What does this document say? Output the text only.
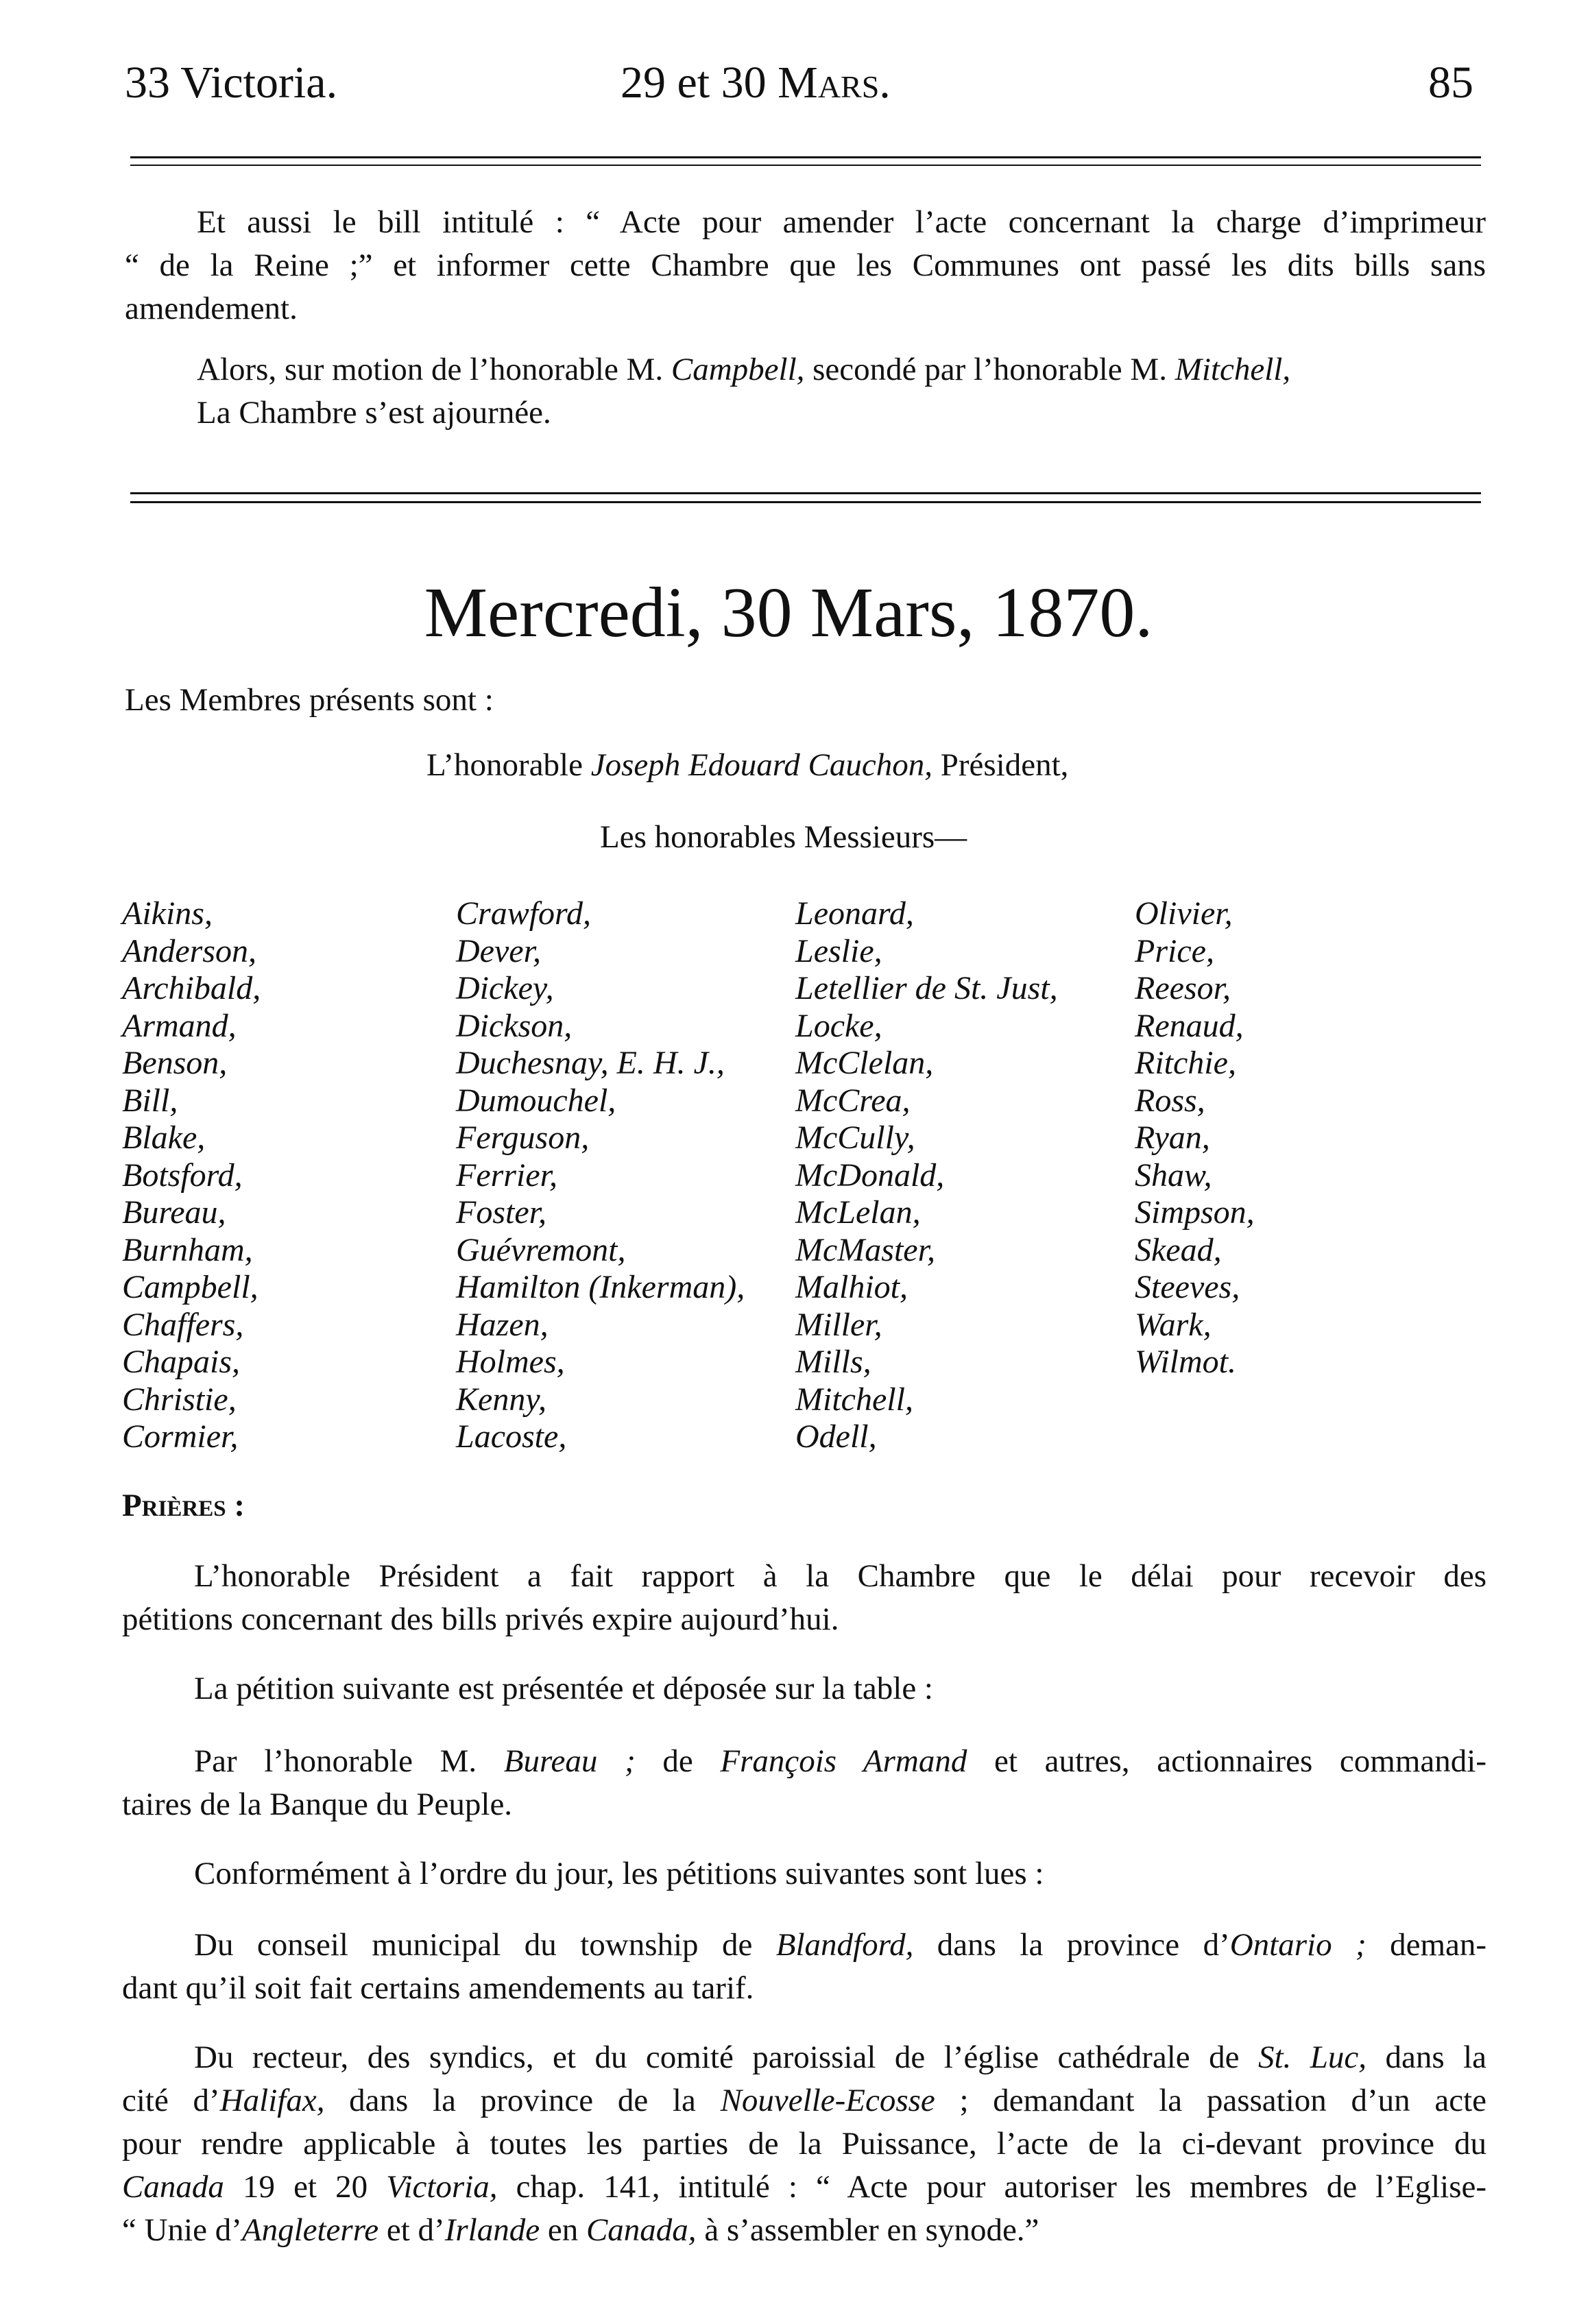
33 Victoria.	29 et 30 Mars.	85
Et aussi le bill intitulé : “ Acte pour amender l’acte concernant la charge d’imprimeur
“ de la Reine ;” et informer cette Chambre que les Communes ont passé les dits bills sans
amendement.
Alors, sur motion de l’honorable M. Campbell, secondé par l’honorable M. Mitchell,
La Chambre s’est ajournée.
Mercredi, 30 Mars, 1870.
Les Membres présents sont :
L’honorable Joseph Edouard Cauchon, Président,
Les honorables Messieurs—
Aikins,
Anderson,
Archibald,
Armand,
Benson,
Bill,
Blake,
Botsford,
Bureau,
Burnham,
Campbell,
Chaffers,
Chapais,
Christie,
Cormier,
Crawford,
Dever,
Dickey,
Dickson,
Duchesnay, E. H. J.,
Dumouchel,
Ferguson,
Ferrier,
Foster,
Guévremont,
Hamilton (Inkerman),
Hazen,
Holmes,
Kenny,
Lacoste,
Leonard,
Leslie,
Letellier de St. Just,
Locke,
McClelan,
McCrea,
McCully,
McDonald,
McLelan,
McMaster,
Malhiot,
Miller,
Mills,
Mitchell,
Odell,
Olivier,
Price,
Reesor,
Renaud,
Ritchie,
Ross,
Ryan,
Shaw,
Simpson,
Skead,
Steeves,
Wark,
Wilmot.
Prières :
L’honorable Président a fait rapport à la Chambre que le délai pour recevoir des
pétitions concernant des bills privés expire aujourd’hui.
La pétition suivante est présentée et déposée sur la table :
Par l’honorable M. Bureau ; de François Armand et autres, actionnaires commandi-
taires de la Banque du Peuple.
Conformément à l’ordre du jour, les pétitions suivantes sont lues :
Du conseil municipal du township de Blandford, dans la province d’Ontario ; deman-
dant qu’il soit fait certains amendements au tarif.
Du recteur, des syndics, et du comité paroissial de l’église cathédrale de St. Luc, dans la
cité d’Halifax, dans la province de la Nouvelle-Ecosse ; demandant la passation d’un acte
pour rendre applicable à toutes les parties de la Puissance, l’acte de la ci-devant province du
Canada 19 et 20 Victoria, chap. 141, intitulé : “ Acte pour autoriser les membres de l’Eglise-
“ Unie d’Angleterre et d’Irlande en Canada, à s’assembler en synode.”
